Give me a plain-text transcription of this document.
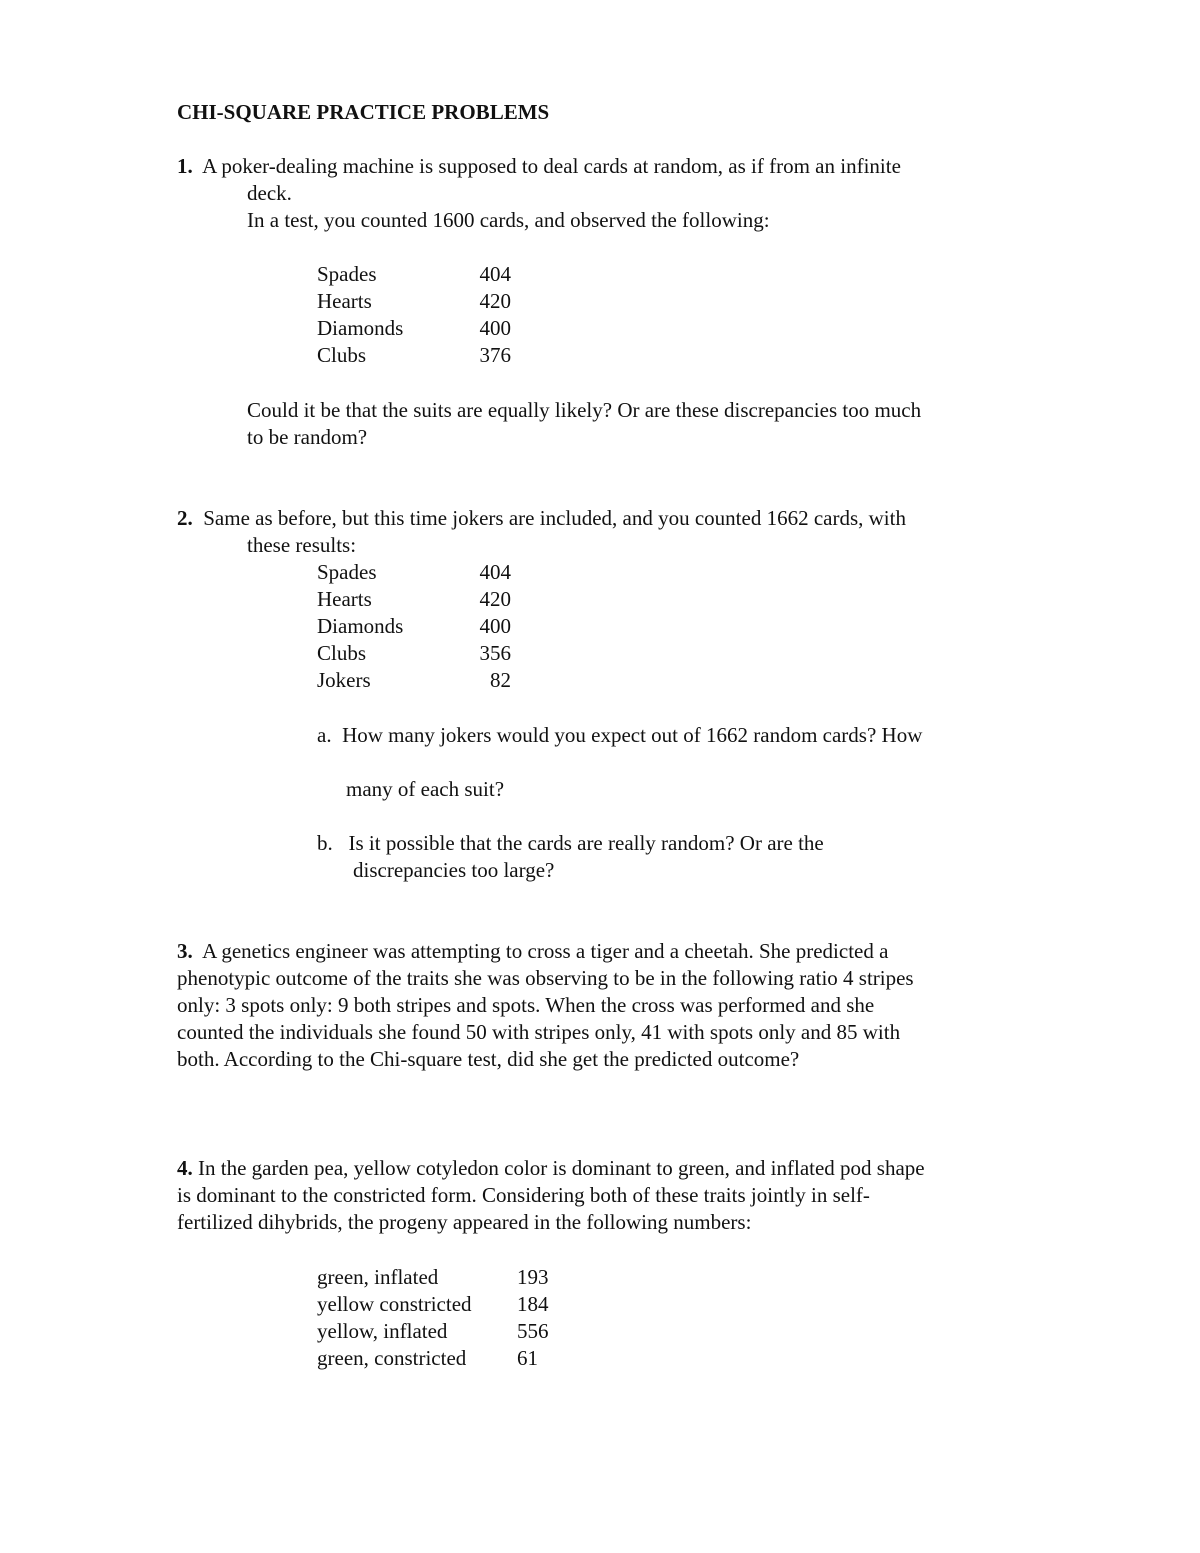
CHI-SQUARE PRACTICE PROBLEMS
1. A poker-dealing machine is supposed to deal cards at random, as if from an infinite
deck.
In a test, you counted 1600 cards, and observed the following:
Spades	404
Hearts	420
Diamonds	400
Clubs	376
Could it be that the suits are equally likely? Or are these discrepancies too much
to be random?
2. Same as before, but this time jokers are included, and you counted 1662 cards, with
these results:
Spades	404
Hearts	420
Diamonds	400
Clubs	356
Jokers	82
a. How many jokers would you expect out of 1662 random cards? How
many of each suit?
b. Is it possible that the cards are really random? Or are the
discrepancies too large?
3. A genetics engineer was attempting to cross a tiger and a cheetah. She predicted a
phenotypic outcome of the traits she was observing to be in the following ratio 4 stripes
only: 3 spots only: 9 both stripes and spots. When the cross was performed and she
counted the individuals she found 50 with stripes only, 41 with spots only and 85 with
both. According to the Chi-square test, did she get the predicted outcome?
4. In the garden pea, yellow cotyledon color is dominant to green, and inflated pod shape
is dominant to the constricted form. Considering both of these traits jointly in self-
fertilized dihybrids, the progeny appeared in the following numbers:
green, inflated	193
yellow constricted 184
yellow, inflated	556
green, constricted 61
